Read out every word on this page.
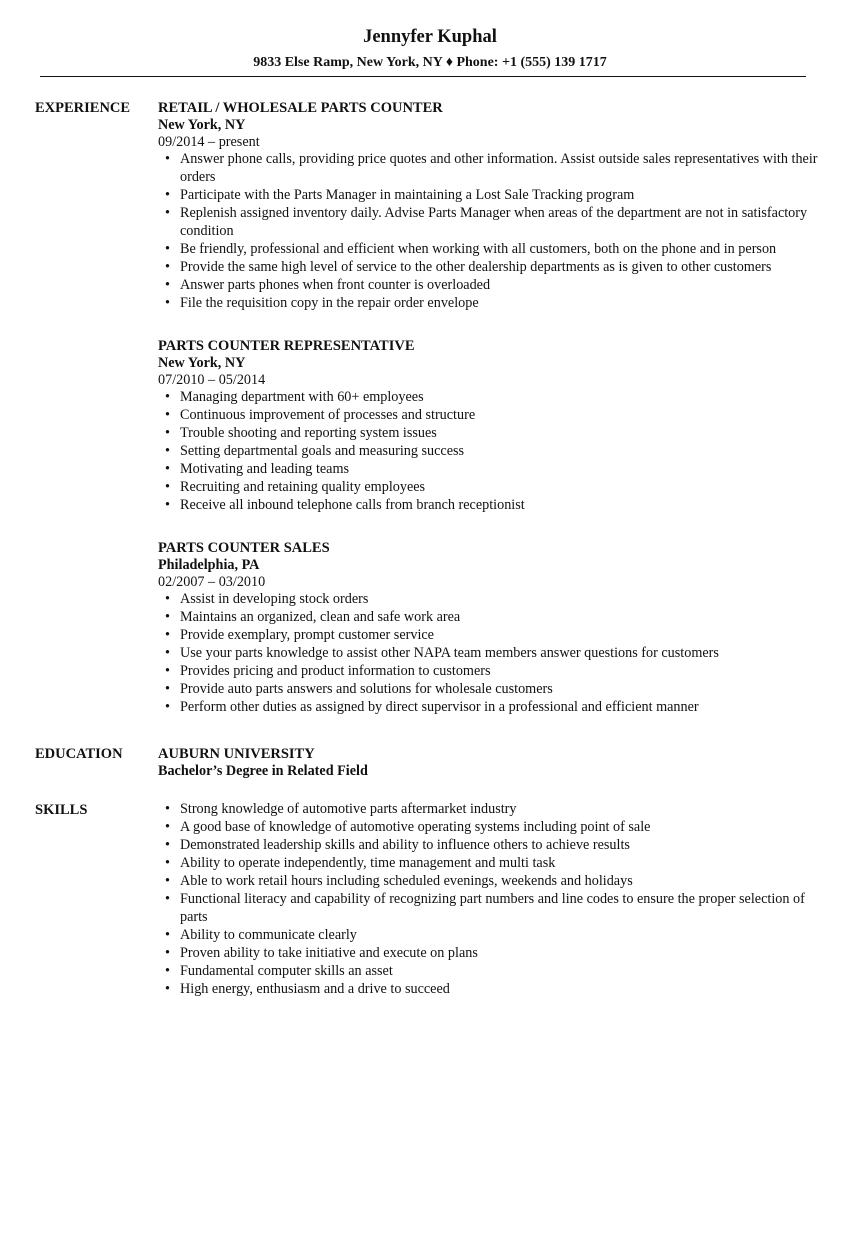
Jennyfer Kuphal
9833 Else Ramp, New York, NY ♦ Phone: +1 (555) 139 1717
EXPERIENCE RETAIL / WHOLESALE PARTS COUNTER
New York, NY
09/2014 – present
• Answer phone calls, providing price quotes and other information. Assist outside sales representatives with their orders
• Participate with the Parts Manager in maintaining a Lost Sale Tracking program
• Replenish assigned inventory daily. Advise Parts Manager when areas of the department are not in satisfactory condition
• Be friendly, professional and efficient when working with all customers, both on the phone and in person
• Provide the same high level of service to the other dealership departments as is given to other customers
• Answer parts phones when front counter is overloaded
• File the requisition copy in the repair order envelope
PARTS COUNTER REPRESENTATIVE
New York, NY
07/2010 – 05/2014
• Managing department with 60+ employees
• Continuous improvement of processes and structure
• Trouble shooting and reporting system issues
• Setting departmental goals and measuring success
• Motivating and leading teams
• Recruiting and retaining quality employees
• Receive all inbound telephone calls from branch receptionist
PARTS COUNTER SALES
Philadelphia, PA
02/2007 – 03/2010
• Assist in developing stock orders
• Maintains an organized, clean and safe work area
• Provide exemplary, prompt customer service
• Use your parts knowledge to assist other NAPA team members answer questions for customers
• Provides pricing and product information to customers
• Provide auto parts answers and solutions for wholesale customers
• Perform other duties as assigned by direct supervisor in a professional and efficient manner
EDUCATION AUBURN UNIVERSITY
Bachelor’s Degree in Related Field
SKILLS
•	Strong knowledge of automotive parts aftermarket industry
• A good base of knowledge of automotive operating systems including point of sale
• Demonstrated leadership skills and ability to influence others to achieve results
• Ability to operate independently, time management and multi task
• Able to work retail hours including scheduled evenings, weekends and holidays
• Functional literacy and capability of recognizing part numbers and line codes to ensure the proper selection of parts
• Ability to communicate clearly
• Proven ability to take initiative and execute on plans
• Fundamental computer skills an asset
• High energy, enthusiasm and a drive to succeed
